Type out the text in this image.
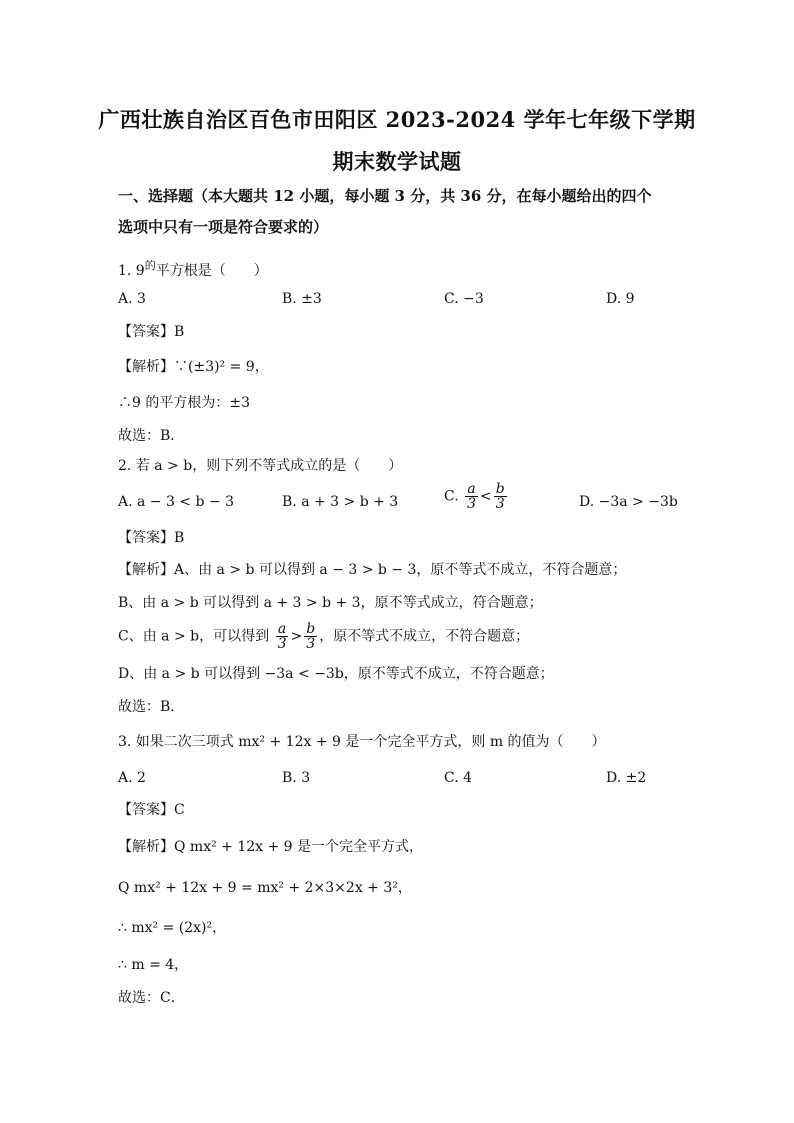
广西壮族自治区百色市田阳区 2023-2024 学年七年级下学期
期末数学试题
一、选择题（本大题共 12 小题，每小题 3 分，共 36 分，在每小题给出的四个
选项中只有一项是符合要求的）
1. $9^的$平方根是（　　）
A. 3	B. ±3	C. −3	D. 9
【答案】B
【解析】∵(±3)² = 9，
∴9 的平方根为：±3
故选：B．
2. 若 a > b，则下列不等式成立的是（　　）
A. a − 3 < b − 3	B. a + 3 > b + 3	C. $\frac{a}{3} < \frac{b}{3}$	D. −3a > −3b
【答案】B
【解析】A、由 a > b 可以得到 a − 3 > b − 3，原不等式不成立，不符合题意；
B、由 a > b 可以得到 a + 3 > b + 3，原不等式成立，符合题意；
C、由 a > b，可以得到 $\frac{a}{3} > \frac{b}{3}$ ，原不等式不成立，不符合题意；
D、由 a > b 可以得到 −3a < −3b，原不等式不成立，不符合题意；
故选：B．
3. 如果二次三项式 mx² + 12x + 9 是一个完全平方式，则 m 的值为（　　）
A. 2	B. 3	C. 4	D. ±2
【答案】C
【解析】Q mx² + 12x + 9 是一个完全平方式，
Q mx² + 12x + 9 = mx² + 2×3×2x + 3²，
∴ mx² = (2x)²，
∴ m = 4，
故选：C．
